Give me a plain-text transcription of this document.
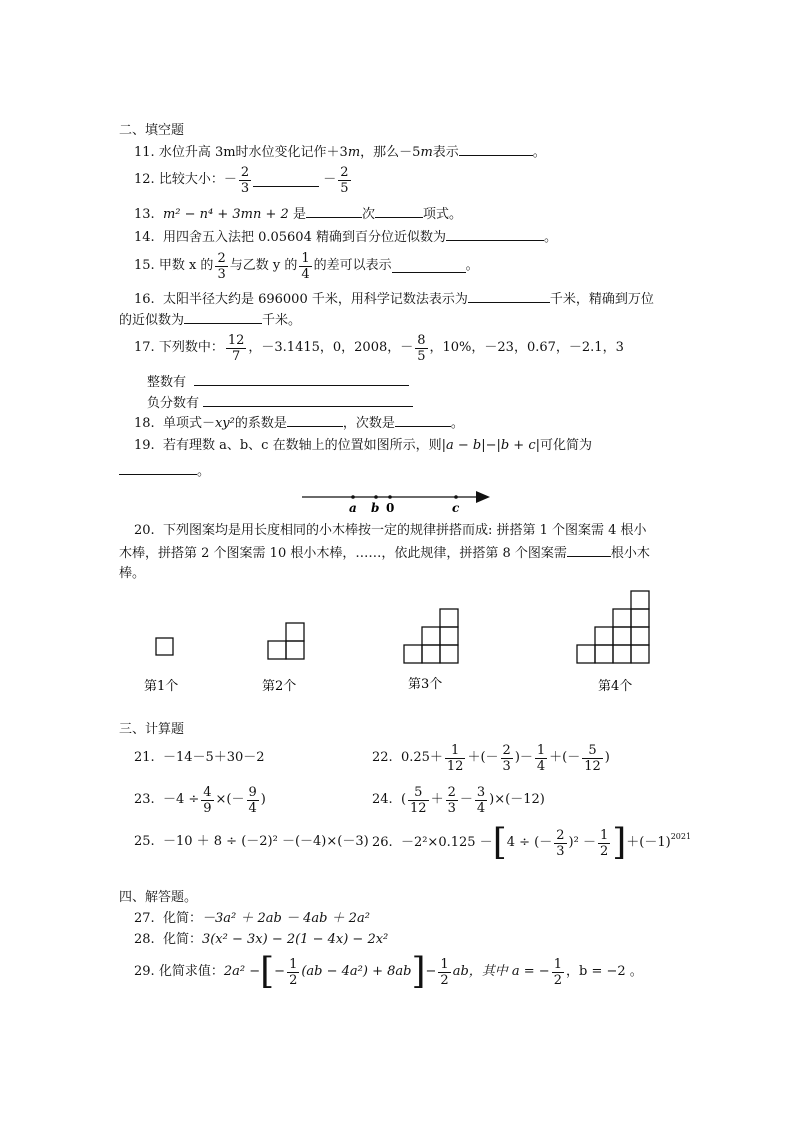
二、填空题
11. 水位升高 3m时水位变化记作＋3m，那么－5m表示	。
12.
比较大小：－ 2
3

－ 2
5
13. m² − n⁴ + 3mn + 2 是	次	项式。
14. 用四舍五入法把 0.05604 精确到百分位近似数为	。
15.
甲数 x 的 2
3
与乙数 y 的 1
4
的差可以表示	。
16. 太阳半径大约是 696000 千米，用科学记数法表示为	千米，精确到万位
的近似数为	千米。
17.
下列数中： 12
7
，－3.1415，0，2008，－ 8
5
，10%，－23，0.67，－2.1，3
整数有
负分数有
18. 单项式－xy²的系数是	，次数是	。
19. 若有理数 a、b、c 在数轴上的位置如图所示，则|a − b|−|b + c|可化简为
。
a b 0	c
20. 下列图案均是用长度相同的小木棒按一定的规律拼搭而成: 拼搭第 1 个图案需 4 根小
木棒，拼搭第 2 个图案需 10 根小木棒，……，依此规律，拼搭第 8 个图案需	根小木
棒。
第1个	第2个	第3个	第4个
三、计算题
21. －14－5＋30－2	22.
0.25＋ 1
12
＋(－ 2
3
)－ 1
4
＋(－ 5
12
)
23.
$-4 \div \frac{4}{9}$ ×(－ 9
4
)	24.
( 5
12
＋ 2
3
－ 3
4
)×(－12)
25. －10 ＋ 8 ÷ (－2)² －(－4)×(－3) 26.
－2²×0.125 － [ 4 ÷ (－ 2
3
)² － 1
2 ] $+(-1)^{2021}$
四、解答题。
27. 化简：－3a² ＋ 2ab － 4ab ＋ 2a²
28. 化简：3(x² − 3x) − 2(1 − 4x) − 2x²
29.
化简求值： 2a² − [ − $\frac{1}{2} (ab - 4a^2) + 8ab$ ] − $\frac{1}{2}$ ab，其中 a = − $\frac{1}{2}$ ，b = −2 。
